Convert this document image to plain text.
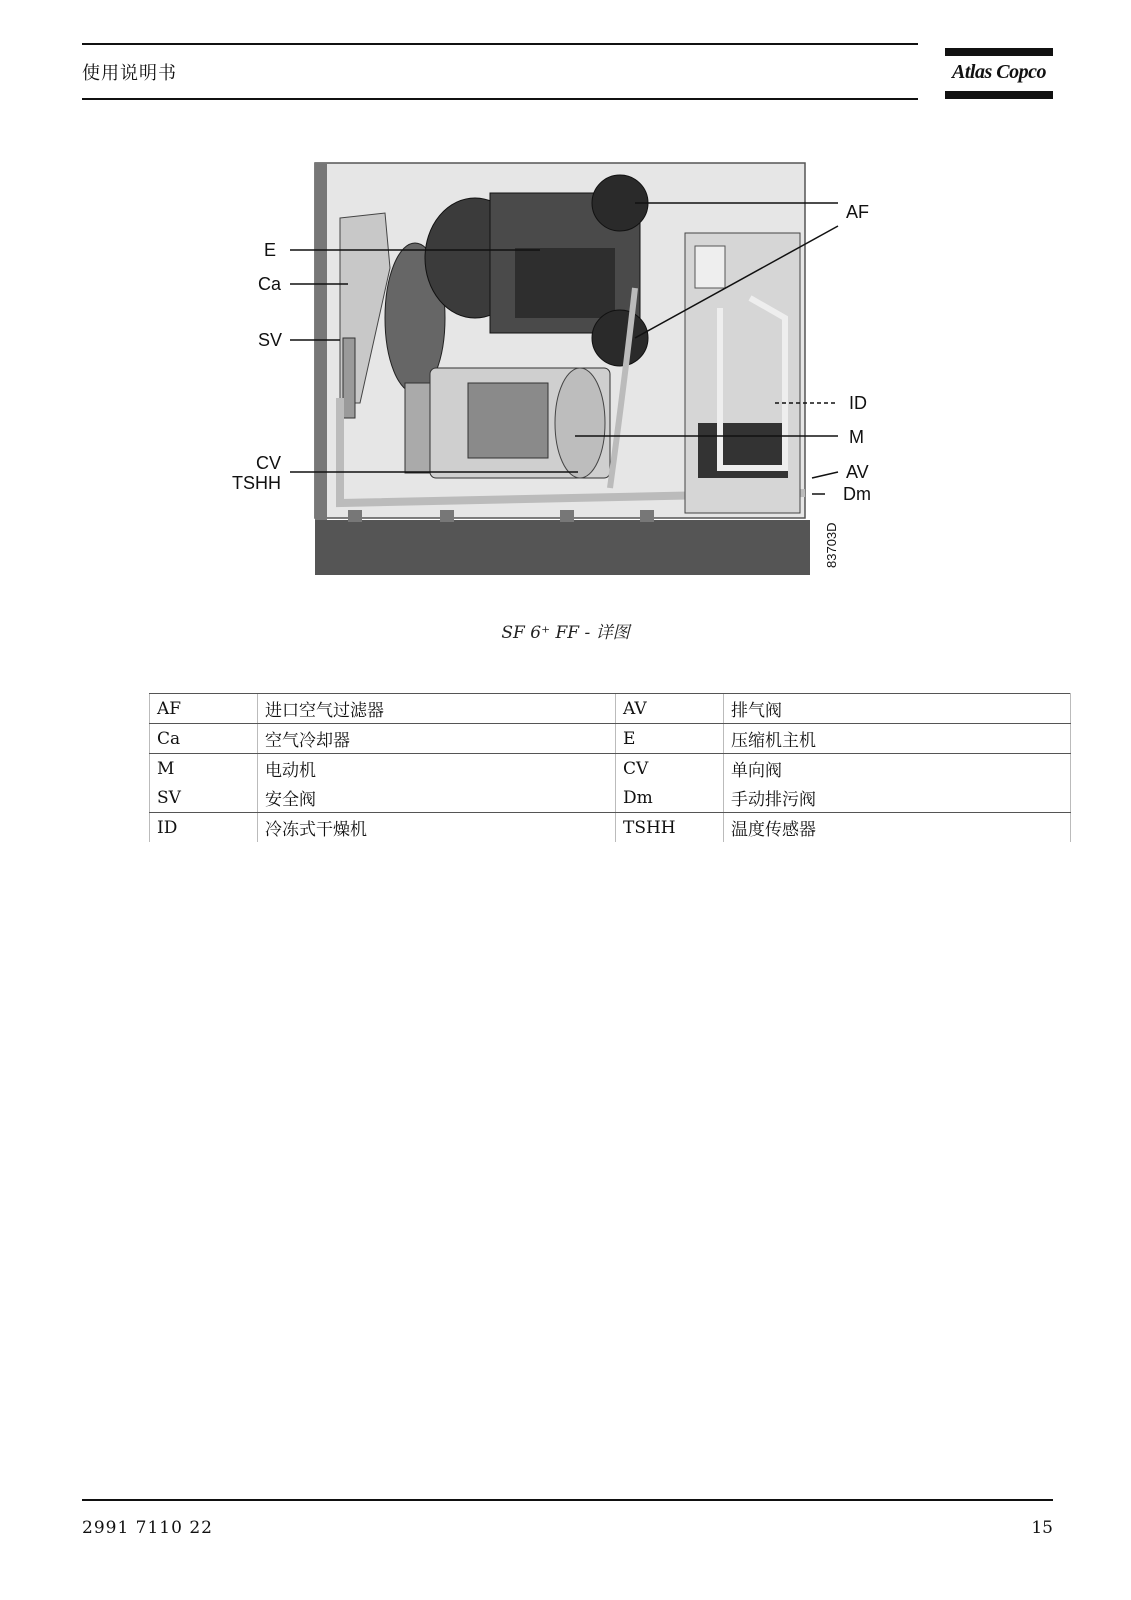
使用说明书	Atlas Copco
AF
E
Ca
SV
ID
M
CV
TSHH
AV
Dm
83703D
SF 6⁺ FF - 详图
AF	进口空气过滤器	AV	排气阀
Ca	空气冷却器	E	压缩机主机
M	电动机	CV	单向阀
SV	安全阀	Dm	手动排污阀
ID	冷冻式干燥机	TSHH	温度传感器
2991 7110 22	15
